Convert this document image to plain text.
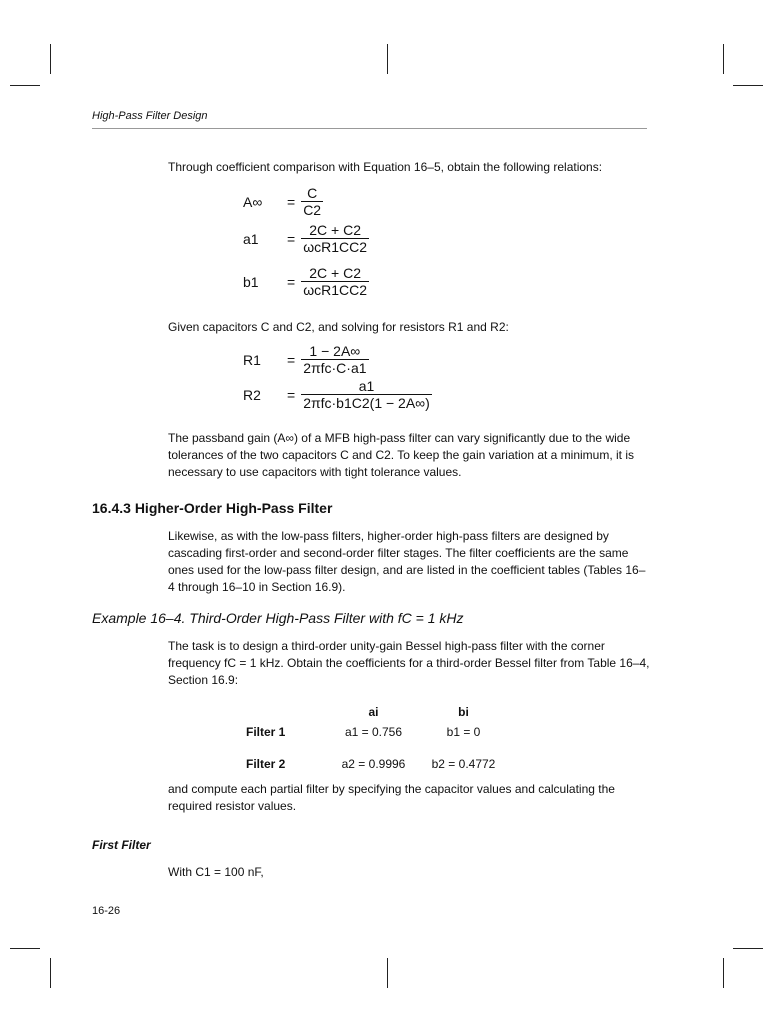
High-Pass Filter Design
Through coefficient comparison with Equation 16–5, obtain the following relations:
A∞	= $\frac{C}{C2}$
a1	= $\frac{2C + C2}{\text{ωcR1CC2}}$
b1	= $\frac{2C + C2}{\text{ωcR1CC2}}$
Given capacitors C and C2, and solving for resistors R1 and R2:
R1	= $\frac{1 - 2A\infty}{\text{2πfc·C·a1}}$
R2	= $\frac{a1}{\text{2πfc·b1C2(1 − 2A∞)}}$
The passband gain (A∞) of a MFB high-pass filter can vary significantly due to the wide tolerances of the two capacitors C and C2. To keep the gain variation at a minimum, it is necessary to use capacitors with tight tolerance values.
16.4.3 Higher-Order High-Pass Filter
Likewise, as with the low-pass filters, higher-order high-pass filters are designed by cascading first-order and second-order filter stages. The filter coefficients are the same ones used for the low-pass filter design, and are listed in the coefficient tables (Tables 16–4 through 16–10 in Section 16.9).
Example 16–4. Third-Order High-Pass Filter with fC = 1 kHz
The task is to design a third-order unity-gain Bessel high-pass filter with the corner frequency fC = 1 kHz. Obtain the coefficients for a third-order Bessel filter from Table 16–4, Section 16.9:
	ai	bi
Filter 1	a1 = 0.756	b1 = 0
Filter 2	a2 = 0.9996	b2 = 0.4772
and compute each partial filter by specifying the capacitor values and calculating the required resistor values.
First Filter
With C1 = 100 nF,
16-26
